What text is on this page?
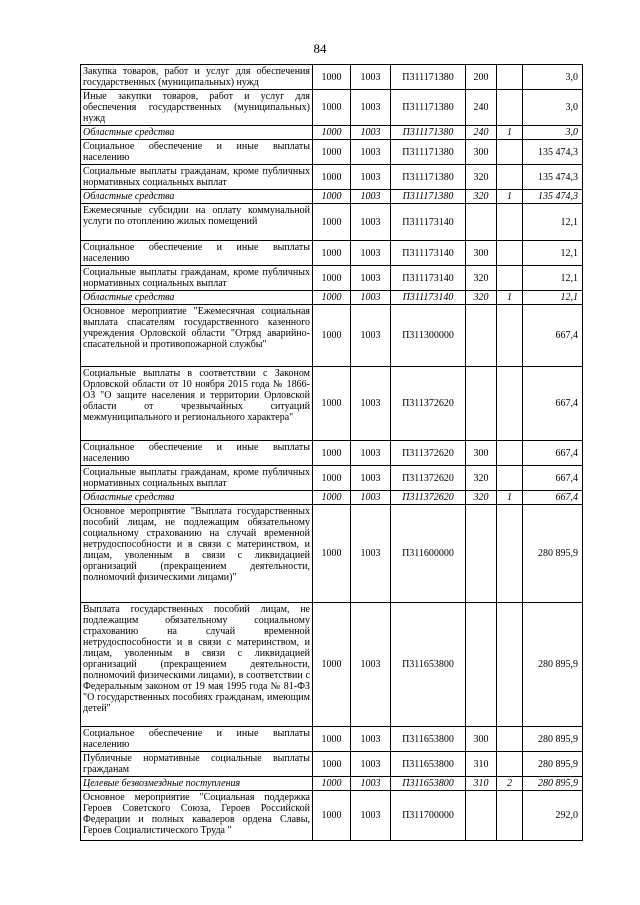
84
Закупка товаров, работ и услуг для обеспечения государственных (муниципальных) нужд	1000	1003	П311171380	200		3,0
Иные закупки товаров, работ и услуг для обеспечения государственных (муниципальных) нужд	1000	1003	П311171380	240		3,0
Областные средства	1000	1003	П311171380	240	1	3,0
Социальное обеспечение и иные выплаты населению	1000	1003	П311171380	300		135 474,3
Социальные выплаты гражданам, кроме публичных нормативных социальных выплат	1000	1003	П311171380	320		135 474,3
Областные средства	1000	1003	П311171380	320	1	135 474,3
Ежемесячные субсидии на оплату коммунальной услуги по отоплению жилых помещений	1000	1003	П311173140			12,1
Социальное обеспечение и иные выплаты населению	1000	1003	П311173140	300		12,1
Социальные выплаты гражданам, кроме публичных нормативных социальных выплат	1000	1003	П311173140	320		12,1
Областные средства	1000	1003	П311173140	320	1	12,1
Основное мероприятие "Ежемесячная социальная выплата спасателям государственного казенного учреждения Орловской области "Отряд аварийно-спасательной и противопожарной службы"	1000	1003	П311300000			667,4
Социальные выплаты в соответствии с Законом Орловской области от 10 ноября 2015 года № 1866-ОЗ "О защите населения и территории Орловской области от чрезвычайных ситуаций межмуниципального и регионального характера"	1000	1003	П311372620			667,4
Социальное обеспечение и иные выплаты населению	1000	1003	П311372620	300		667,4
Социальные выплаты гражданам, кроме публичных нормативных социальных выплат	1000	1003	П311372620	320		667,4
Областные средства	1000	1003	П311372620	320	1	667,4
Основное мероприятие "Выплата государственных пособий лицам, не подлежащим обязательному социальному страхованию на случай временной нетрудоспособности и в связи с материнством, и лицам, уволенным в связи с ликвидацией организаций (прекращением деятельности, полномочий физическими лицами)"	1000	1003	П311600000			280 895,9
Выплата государственных пособий лицам, не подлежащим обязательному социальному страхованию на случай временной нетрудоспособности и в связи с материнством, и лицам, уволенным в связи с ликвидацией организаций (прекращением деятельности, полномочий физическими лицами), в соответствии с Федеральным законом от 19 мая 1995 года № 81-ФЗ "О государственных пособиях гражданам, имеющим детей"	1000	1003	П311653800			280 895,9
Социальное обеспечение и иные выплаты населению	1000	1003	П311653800	300		280 895,9
Публичные нормативные социальные выплаты гражданам	1000	1003	П311653800	310		280 895,9
Целевые безвозмездные поступления	1000	1003	П311653800	310	2	280 895,9
Основное мероприятие "Социальная поддержка Героев Советского Союза, Героев Российской Федерации и полных кавалеров ордена Славы, Героев Социалистического Труда "	1000	1003	П311700000			292,0
